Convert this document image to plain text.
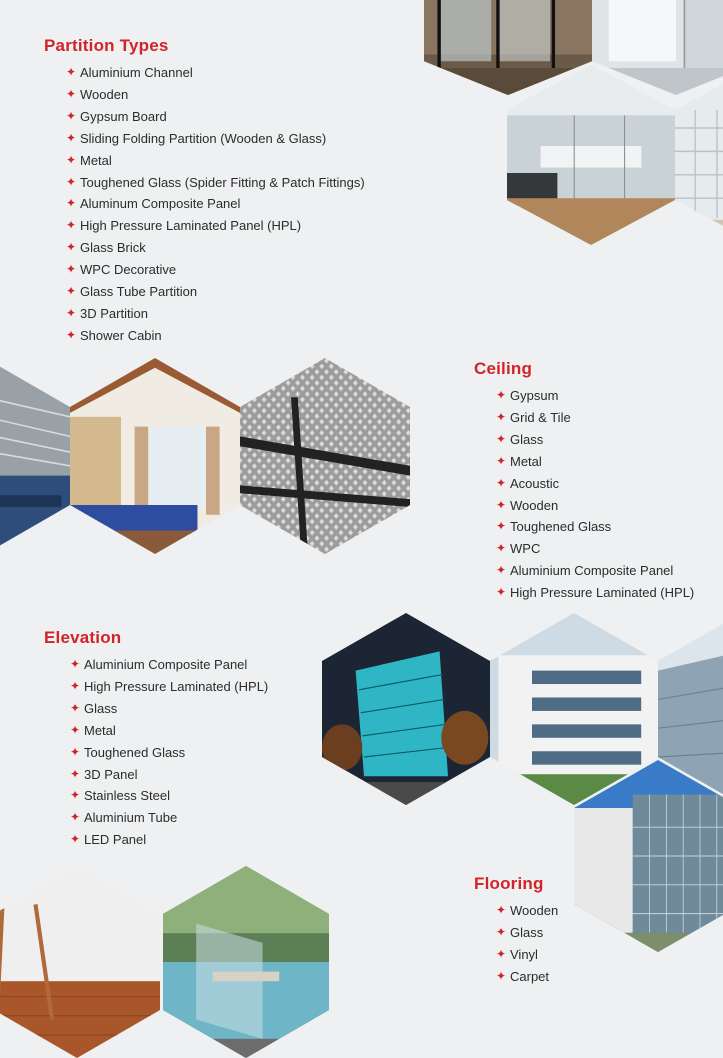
Partition Types
✦ Aluminium Channel
✦ Wooden
✦ Gypsum Board
✦ Sliding Folding Partition (Wooden & Glass)
✦ Metal
✦ Toughened Glass (Spider Fitting & Patch Fittings)
✦ Aluminum Composite Panel
✦ High Pressure Laminated Panel (HPL)
✦ Glass Brick
✦ WPC Decorative
✦ Glass Tube Partition
✦ 3D Partition
✦ Shower Cabin
Ceiling
✦ Gypsum
✦ Grid & Tile
✦ Glass
✦ Metal
✦ Acoustic
✦ Wooden
✦ Toughened Glass
✦ WPC
✦ Aluminium Composite Panel
✦ High Pressure Laminated (HPL)
Elevation
✦ Aluminium Composite Panel
✦ High Pressure Laminated (HPL)
✦ Glass
✦ Metal
✦ Toughened Glass
✦ 3D Panel
✦ Stainless Steel
✦ Aluminium Tube
✦ LED Panel
Flooring
✦ Wooden
✦ Glass
✦ Vinyl
✦ Carpet
